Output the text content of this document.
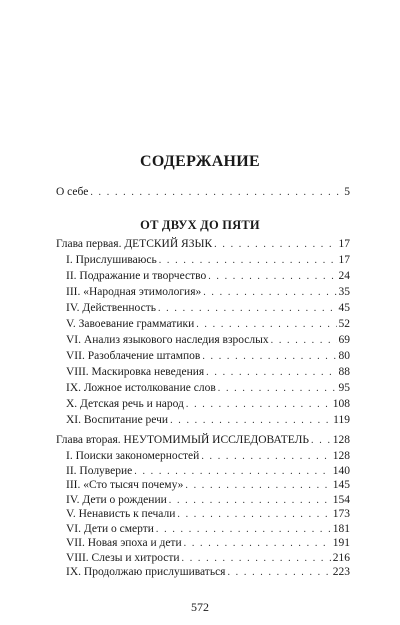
СОДЕРЖАНИЕ
О себе . . .	5
ОТ ДВУХ ДО ПЯТИ
Глава первая. ДЕТСКИЙ ЯЗЫК . . .	17
I. Прислушиваюсь . . .	17
II. Подражание и творчество . . .	24
III. «Народная этимология» . . .	35
IV. Действенность . . .	45
V. Завоевание грамматики . . .	52
VI. Анализ языкового наследия взрослых . . .	69
VII. Разоблачение штампов . . .	80
VIII. Маскировка неведения . . .	88
IX. Ложное истолкование слов . . .	95
X. Детская речь и народ . . .	108
XI. Воспитание речи . . .	119
Глава вторая. НЕУТОМИМЫЙ ИССЛЕДОВАТЕЛЬ . . . 128
I. Поиски закономерностей . . .	128
II. Полуверие . . .	140
III. «Сто тысяч почему» . . .	145
IV. Дети о рождении . . .	154
V. Ненависть к печали . . .	173
VI. Дети о смерти . . .	181
VII. Новая эпоха и дети . . .	191
VIII. Слезы и хитрости . . .	216
IX. Продолжаю прислушиваться . . .	223
572
